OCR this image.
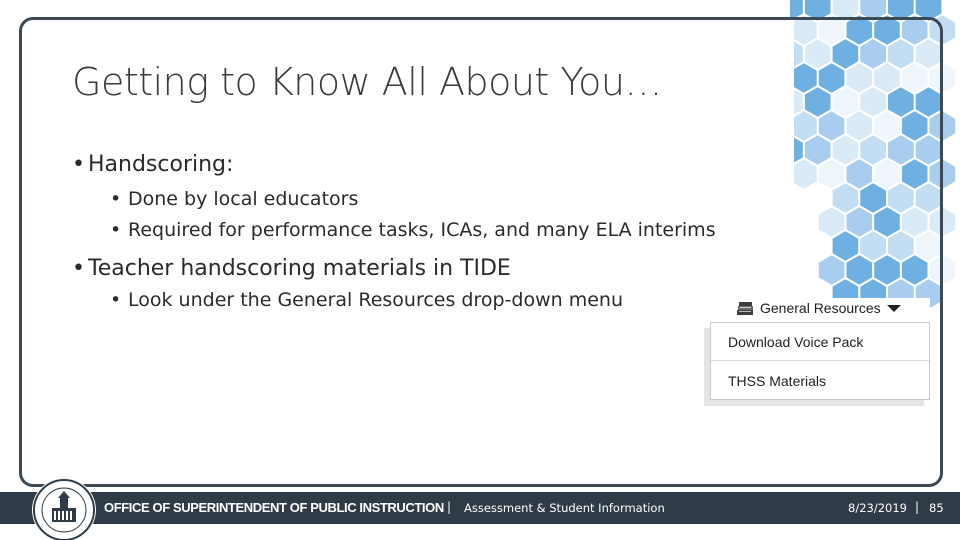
Getting to Know All About You…
• Handscoring:
• Done by local educators
• Required for performance tasks, ICAs, and many ELA interims
• Teacher handscoring materials in TIDE
• Look under the General Resources drop-down menu	General Resources
Download Voice Pack
THSS Materials
OFFICE OF SUPERINTENDENT OF PUBLIC INSTRUCTION | Assessment & Student Information	8/23/2019 | 85
